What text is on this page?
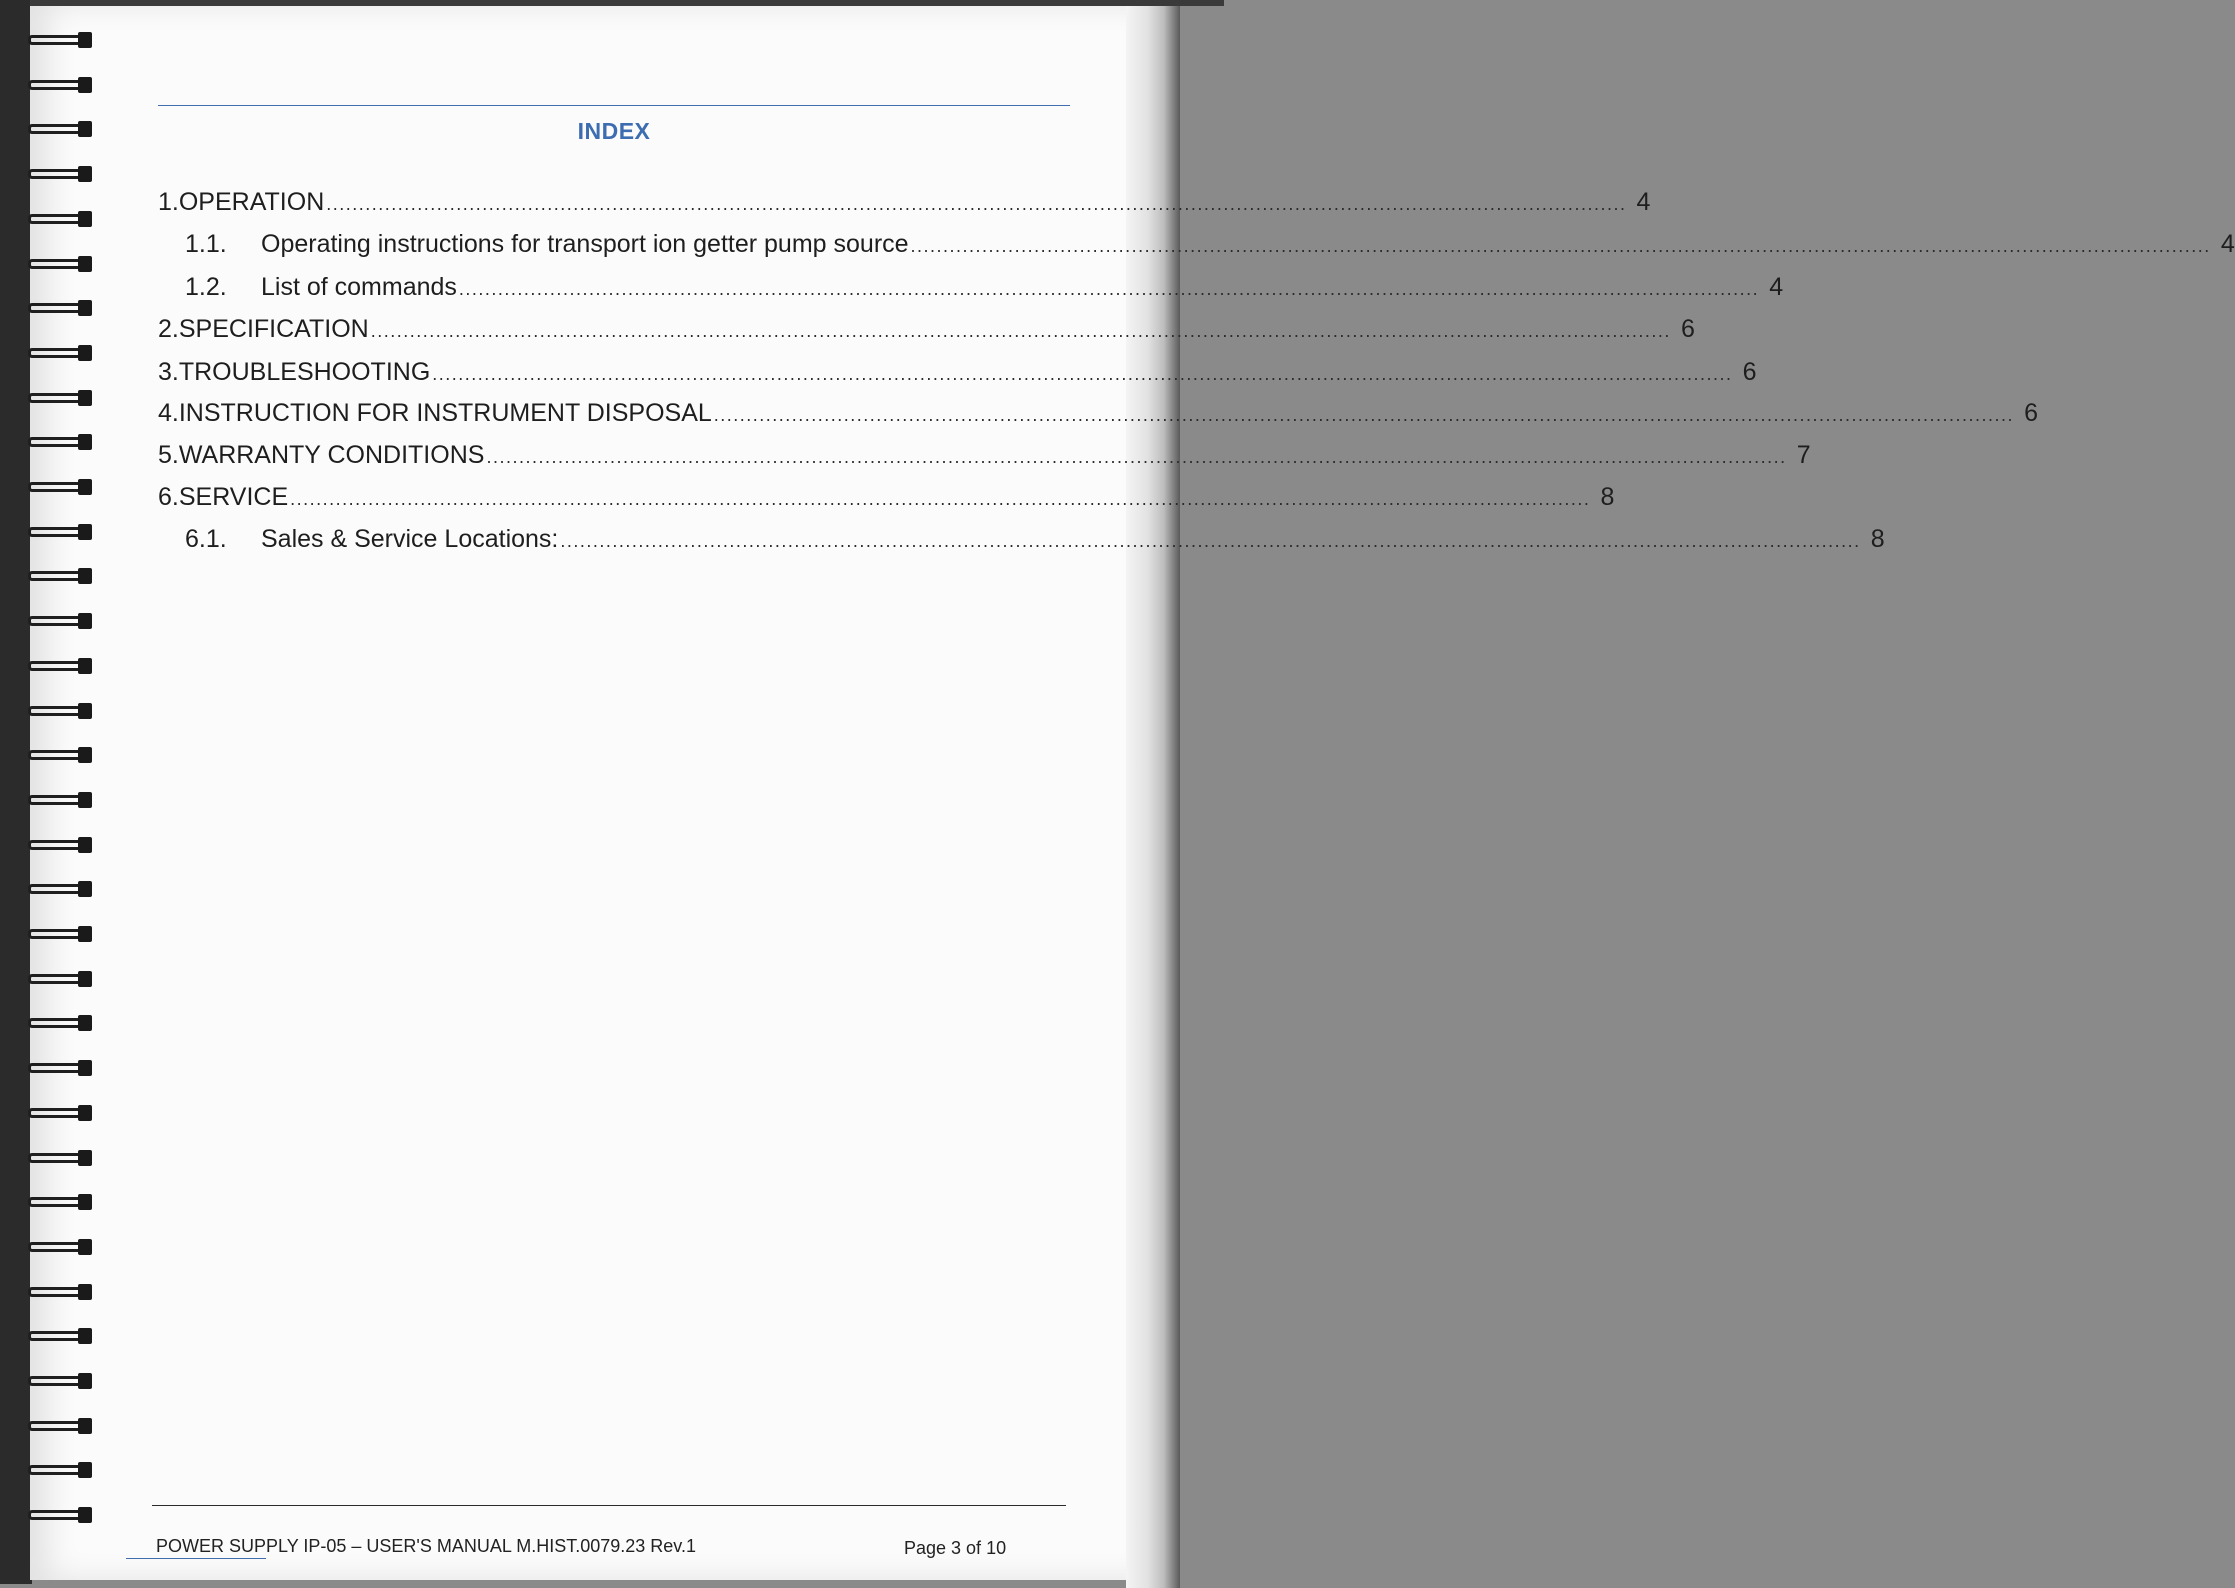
INDEX
1. OPERATION ........................................................................................................................................................................................................ 4
1.1.	Operating instructions for transport ion getter pump source ........................................................................................................................................................................................................ 4
1.2.	List of commands ........................................................................................................................................................................................................ 4
2. SPECIFICATION ........................................................................................................................................................................................................ 6
3. TROUBLESHOOTING ........................................................................................................................................................................................................ 6
4. INSTRUCTION FOR INSTRUMENT DISPOSAL ........................................................................................................................................................................................................ 6
5. WARRANTY CONDITIONS ........................................................................................................................................................................................................ 7
6. SERVICE ........................................................................................................................................................................................................ 8
6.1.	Sales & Service Locations: ........................................................................................................................................................................................................ 8
POWER SUPPLY IP-05 – USER'S MANUAL M.HIST.0079.23 Rev.1	Page 3 of 10
